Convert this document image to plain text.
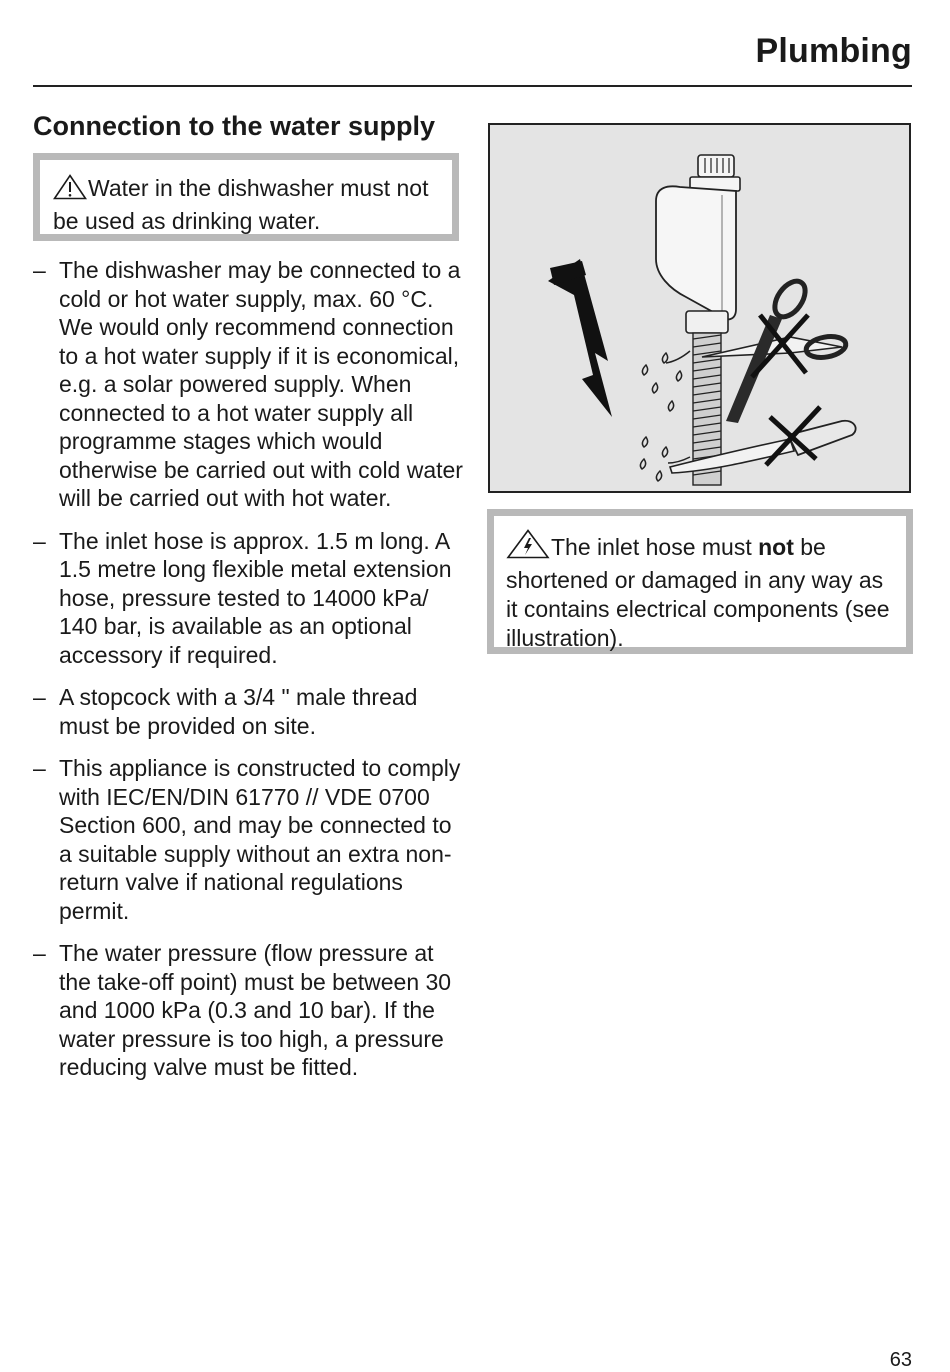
Plumbing
Connection to the water supply
Water in the dishwasher must not be used as drinking water.
– The dishwasher may be connected to a cold or hot water supply, max. 60 °C. We would only recommend connection to a hot water supply if it is economical, e.g. a solar powered supply. When connected to a hot water supply all programme stages which would otherwise be carried out with cold water will be carried out with hot water.
– The inlet hose is approx. 1.5 m long. A 1.5 metre long flexible metal extension hose, pressure tested to 14000 kPa/ 140 bar, is available as an optional accessory if required.
– A stopcock with a 3/4 " male thread must be provided on site.
– This appliance is constructed to comply with IEC/EN/DIN 61770 // VDE 0700 Section 600, and may be connected to a suitable supply without an extra non-return valve if national regulations permit.
– The water pressure (flow pressure at the take-off point) must be between 30 and 1000 kPa (0.3 and 10 bar). If the water pressure is too high, a pressure reducing valve must be fitted.
The inlet hose must not be shortened or damaged in any way as it contains electrical components (see illustration).
63
